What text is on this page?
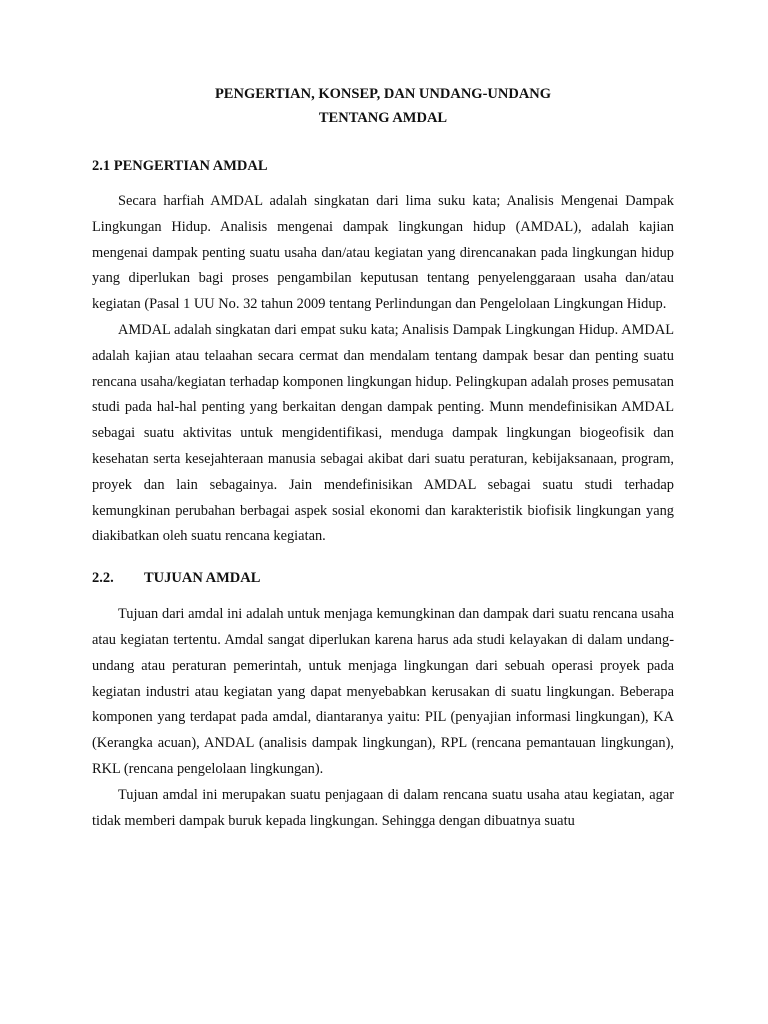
PENGERTIAN, KONSEP, DAN UNDANG-UNDANG
TENTANG AMDAL
2.1 PENGERTIAN AMDAL

Secara harfiah AMDAL adalah singkatan dari lima suku kata; Analisis Mengenai Dampak Lingkungan Hidup. Analisis mengenai dampak lingkungan hidup (AMDAL), adalah kajian mengenai dampak penting suatu usaha dan/atau kegiatan yang direncanakan pada lingkungan hidup yang diperlukan bagi proses pengambilan keputusan tentang penyelenggaraan usaha dan/atau kegiatan (Pasal 1 UU No. 32 tahun 2009 tentang Perlindungan dan Pengelolaan Lingkungan Hidup.

AMDAL adalah singkatan dari empat suku kata; Analisis Dampak Lingkungan Hidup. AMDAL adalah kajian atau telaahan secara cermat dan mendalam tentang dampak besar dan penting suatu rencana usaha/kegiatan terhadap komponen lingkungan hidup. Pelingkupan adalah proses pemusatan studi pada hal-hal penting yang berkaitan dengan dampak penting. Munn mendefinisikan AMDAL sebagai suatu aktivitas untuk mengidentifikasi, menduga dampak lingkungan biogeofisik dan kesehatan serta kesejahteraan manusia sebagai akibat dari suatu peraturan, kebijaksanaan, program, proyek dan lain sebagainya. Jain mendefinisikan AMDAL sebagai suatu studi terhadap kemungkinan perubahan berbagai aspek sosial ekonomi dan karakteristik biofisik lingkungan yang diakibatkan oleh suatu rencana kegiatan.

2.2. TUJUAN AMDAL

Tujuan dari amdal ini adalah untuk menjaga kemungkinan dan dampak dari suatu rencana usaha atau kegiatan tertentu. Amdal sangat diperlukan karena harus ada studi kelayakan di dalam undang-undang atau peraturan pemerintah, untuk menjaga lingkungan dari sebuah operasi proyek pada kegiatan industri atau kegiatan yang dapat menyebabkan kerusakan di suatu lingkungan. Beberapa komponen yang terdapat pada amdal, diantaranya yaitu: PIL (penyajian informasi lingkungan), KA (Kerangka acuan), ANDAL (analisis dampak lingkungan), RPL (rencana pemantauan lingkungan), RKL (rencana pengelolaan lingkungan).

Tujuan amdal ini merupakan suatu penjagaan di dalam rencana suatu usaha atau kegiatan, agar tidak memberi dampak buruk kepada lingkungan. Sehingga dengan dibuatnya suatu
